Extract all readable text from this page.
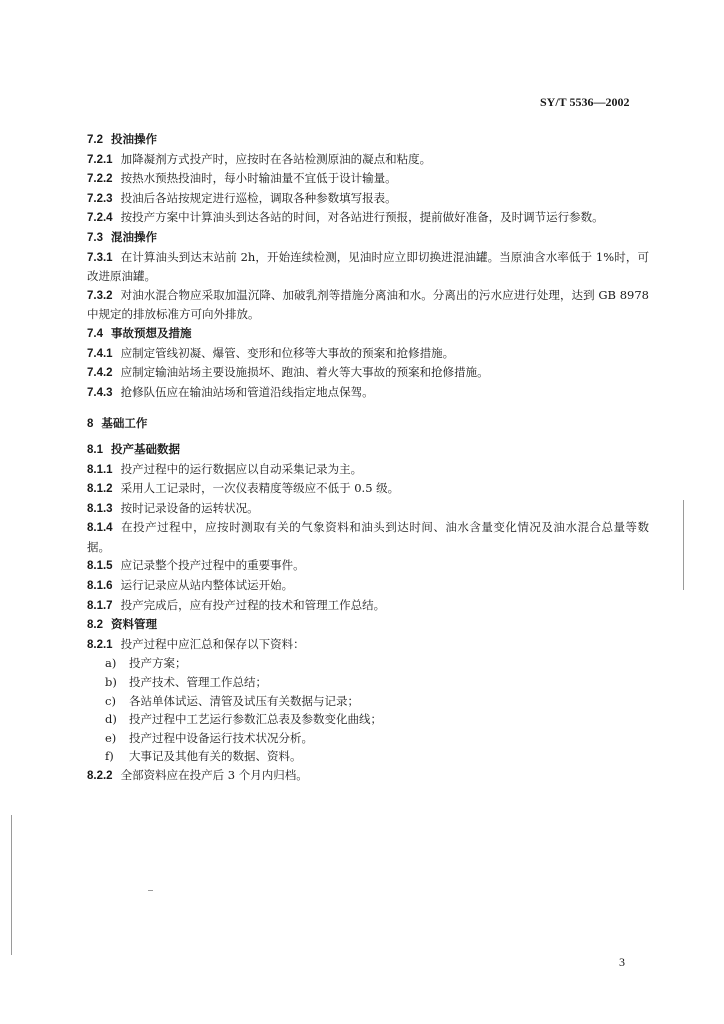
SY/T 5536—2002
7.2 投油操作
7.2.1 加降凝剂方式投产时，应按时在各站检测原油的凝点和粘度。
7.2.2 按热水预热投油时，每小时输油量不宜低于设计输量。
7.2.3 投油后各站按规定进行巡检，调取各种参数填写报表。
7.2.4 按投产方案中计算油头到达各站的时间，对各站进行预报，提前做好准备，及时调节运行参数。
7.3 混油操作
7.3.1 在计算油头到达末站前 2h，开始连续检测，见油时应立即切换进混油罐。当原油含水率低于 1%时，可改进原油罐。
7.3.2 对油水混合物应采取加温沉降、加破乳剂等措施分离油和水。分离出的污水应进行处理，达到 GB 8978 中规定的排放标准方可向外排放。
7.4 事故预想及措施
7.4.1 应制定管线初凝、爆管、变形和位移等大事故的预案和抢修措施。
7.4.2 应制定输油站场主要设施损坏、跑油、着火等大事故的预案和抢修措施。
7.4.3 抢修队伍应在输油站场和管道沿线指定地点保驾。
8 基础工作
8.1 投产基础数据
8.1.1 投产过程中的运行数据应以自动采集记录为主。
8.1.2 采用人工记录时，一次仪表精度等级应不低于 0.5 级。
8.1.3 按时记录设备的运转状况。
8.1.4 在投产过程中，应按时测取有关的气象资料和油头到达时间、油水含量变化情况及油水混合总量等数据。
8.1.5 应记录整个投产过程中的重要事件。
8.1.6 运行记录应从站内整体试运开始。
8.1.7 投产完成后，应有投产过程的技术和管理工作总结。
8.2 资料管理
8.2.1 投产过程中应汇总和保存以下资料：
a) 投产方案；
b) 投产技术、管理工作总结；
c) 各站单体试运、清管及试压有关数据与记录；
d) 投产过程中工艺运行参数汇总表及参数变化曲线；
e) 投产过程中设备运行技术状况分析。
f) 大事记及其他有关的数据、资料。
8.2.2 全部资料应在投产后 3 个月内归档。
3
